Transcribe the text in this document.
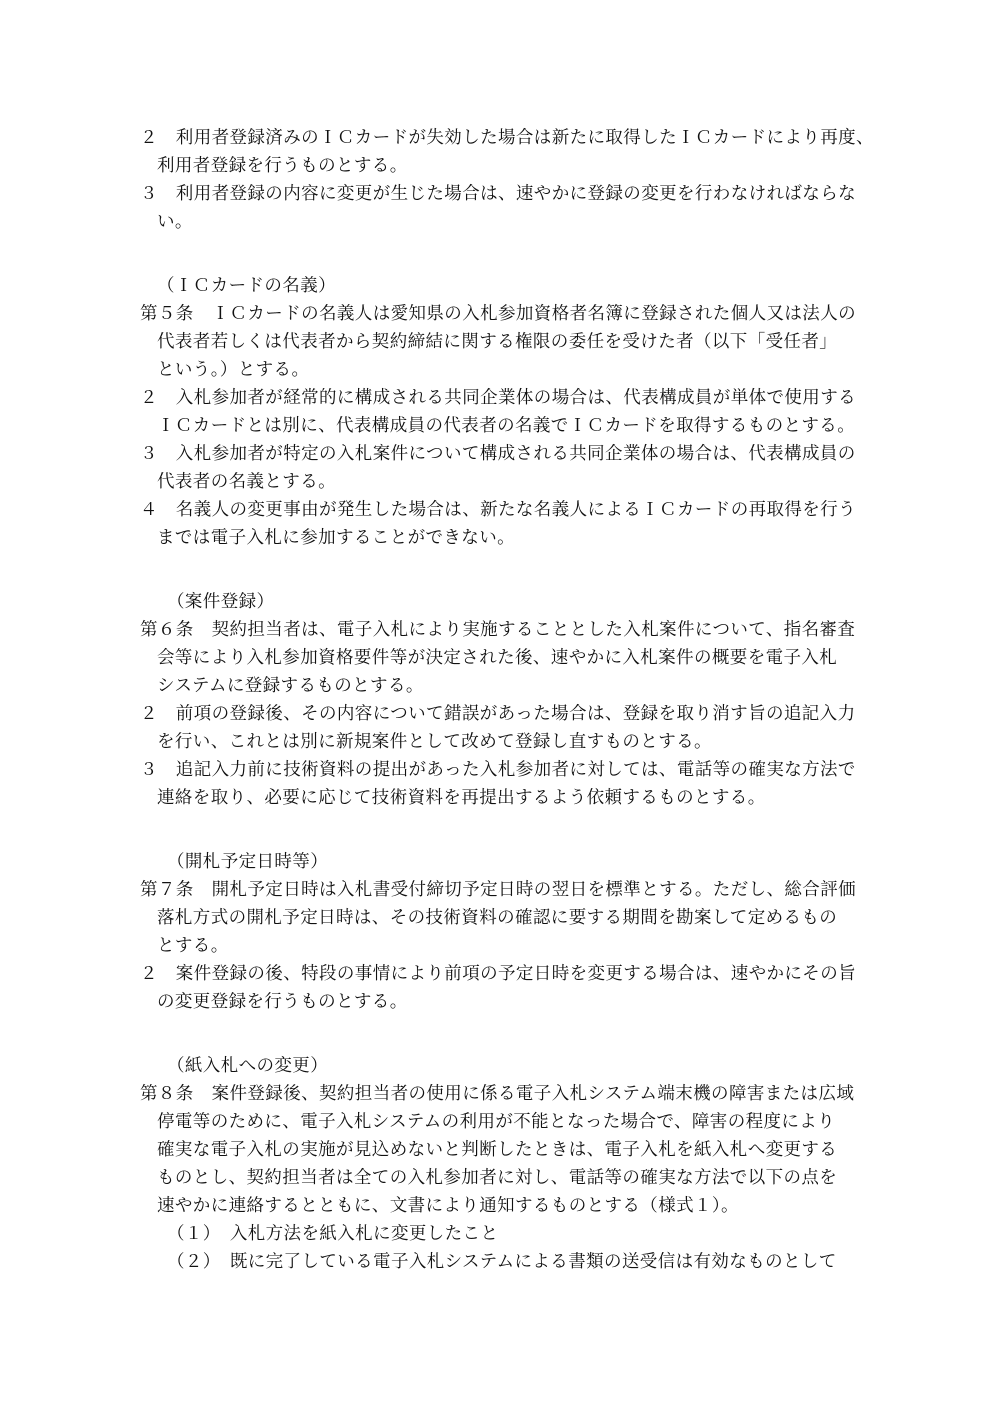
２　利用者登録済みのＩＣカードが失効した場合は新たに取得したＩＣカードにより再度、
利用者登録を行うものとする。
３　利用者登録の内容に変更が生じた場合は、速やかに登録の変更を行わなければならな
い。
（ＩＣカードの名義）
第５条　ＩＣカードの名義人は愛知県の入札参加資格者名簿に登録された個人又は法人の
代表者若しくは代表者から契約締結に関する権限の委任を受けた者（以下「受任者」
という。）とする。
２　入札参加者が経常的に構成される共同企業体の場合は、代表構成員が単体で使用する
ＩＣカードとは別に、代表構成員の代表者の名義でＩＣカードを取得するものとする。
３　入札参加者が特定の入札案件について構成される共同企業体の場合は、代表構成員の
代表者の名義とする。
４　名義人の変更事由が発生した場合は、新たな名義人によるＩＣカードの再取得を行う
までは電子入札に参加することができない。
（案件登録）
第６条　契約担当者は、電子入札により実施することとした入札案件について、指名審査
会等により入札参加資格要件等が決定された後、速やかに入札案件の概要を電子入札
システムに登録するものとする。
２　前項の登録後、その内容について錯誤があった場合は、登録を取り消す旨の追記入力
を行い、これとは別に新規案件として改めて登録し直すものとする。
３　追記入力前に技術資料の提出があった入札参加者に対しては、電話等の確実な方法で
連絡を取り、必要に応じて技術資料を再提出するよう依頼するものとする。
（開札予定日時等）
第７条　開札予定日時は入札書受付締切予定日時の翌日を標準とする。ただし、総合評価
落札方式の開札予定日時は、その技術資料の確認に要する期間を勘案して定めるもの
とする。
２　案件登録の後、特段の事情により前項の予定日時を変更する場合は、速やかにその旨
の変更登録を行うものとする。
（紙入札への変更）
第８条　案件登録後、契約担当者の使用に係る電子入札システム端末機の障害または広域
停電等のために、電子入札システムの利用が不能となった場合で、障害の程度により
確実な電子入札の実施が見込めないと判断したときは、電子入札を紙入札へ変更する
ものとし、契約担当者は全ての入札参加者に対し、電話等の確実な方法で以下の点を
速やかに連絡するとともに、文書により通知するものとする（様式１）。
（１）　入札方法を紙入札に変更したこと
（２）　既に完了している電子入札システムによる書類の送受信は有効なものとして
